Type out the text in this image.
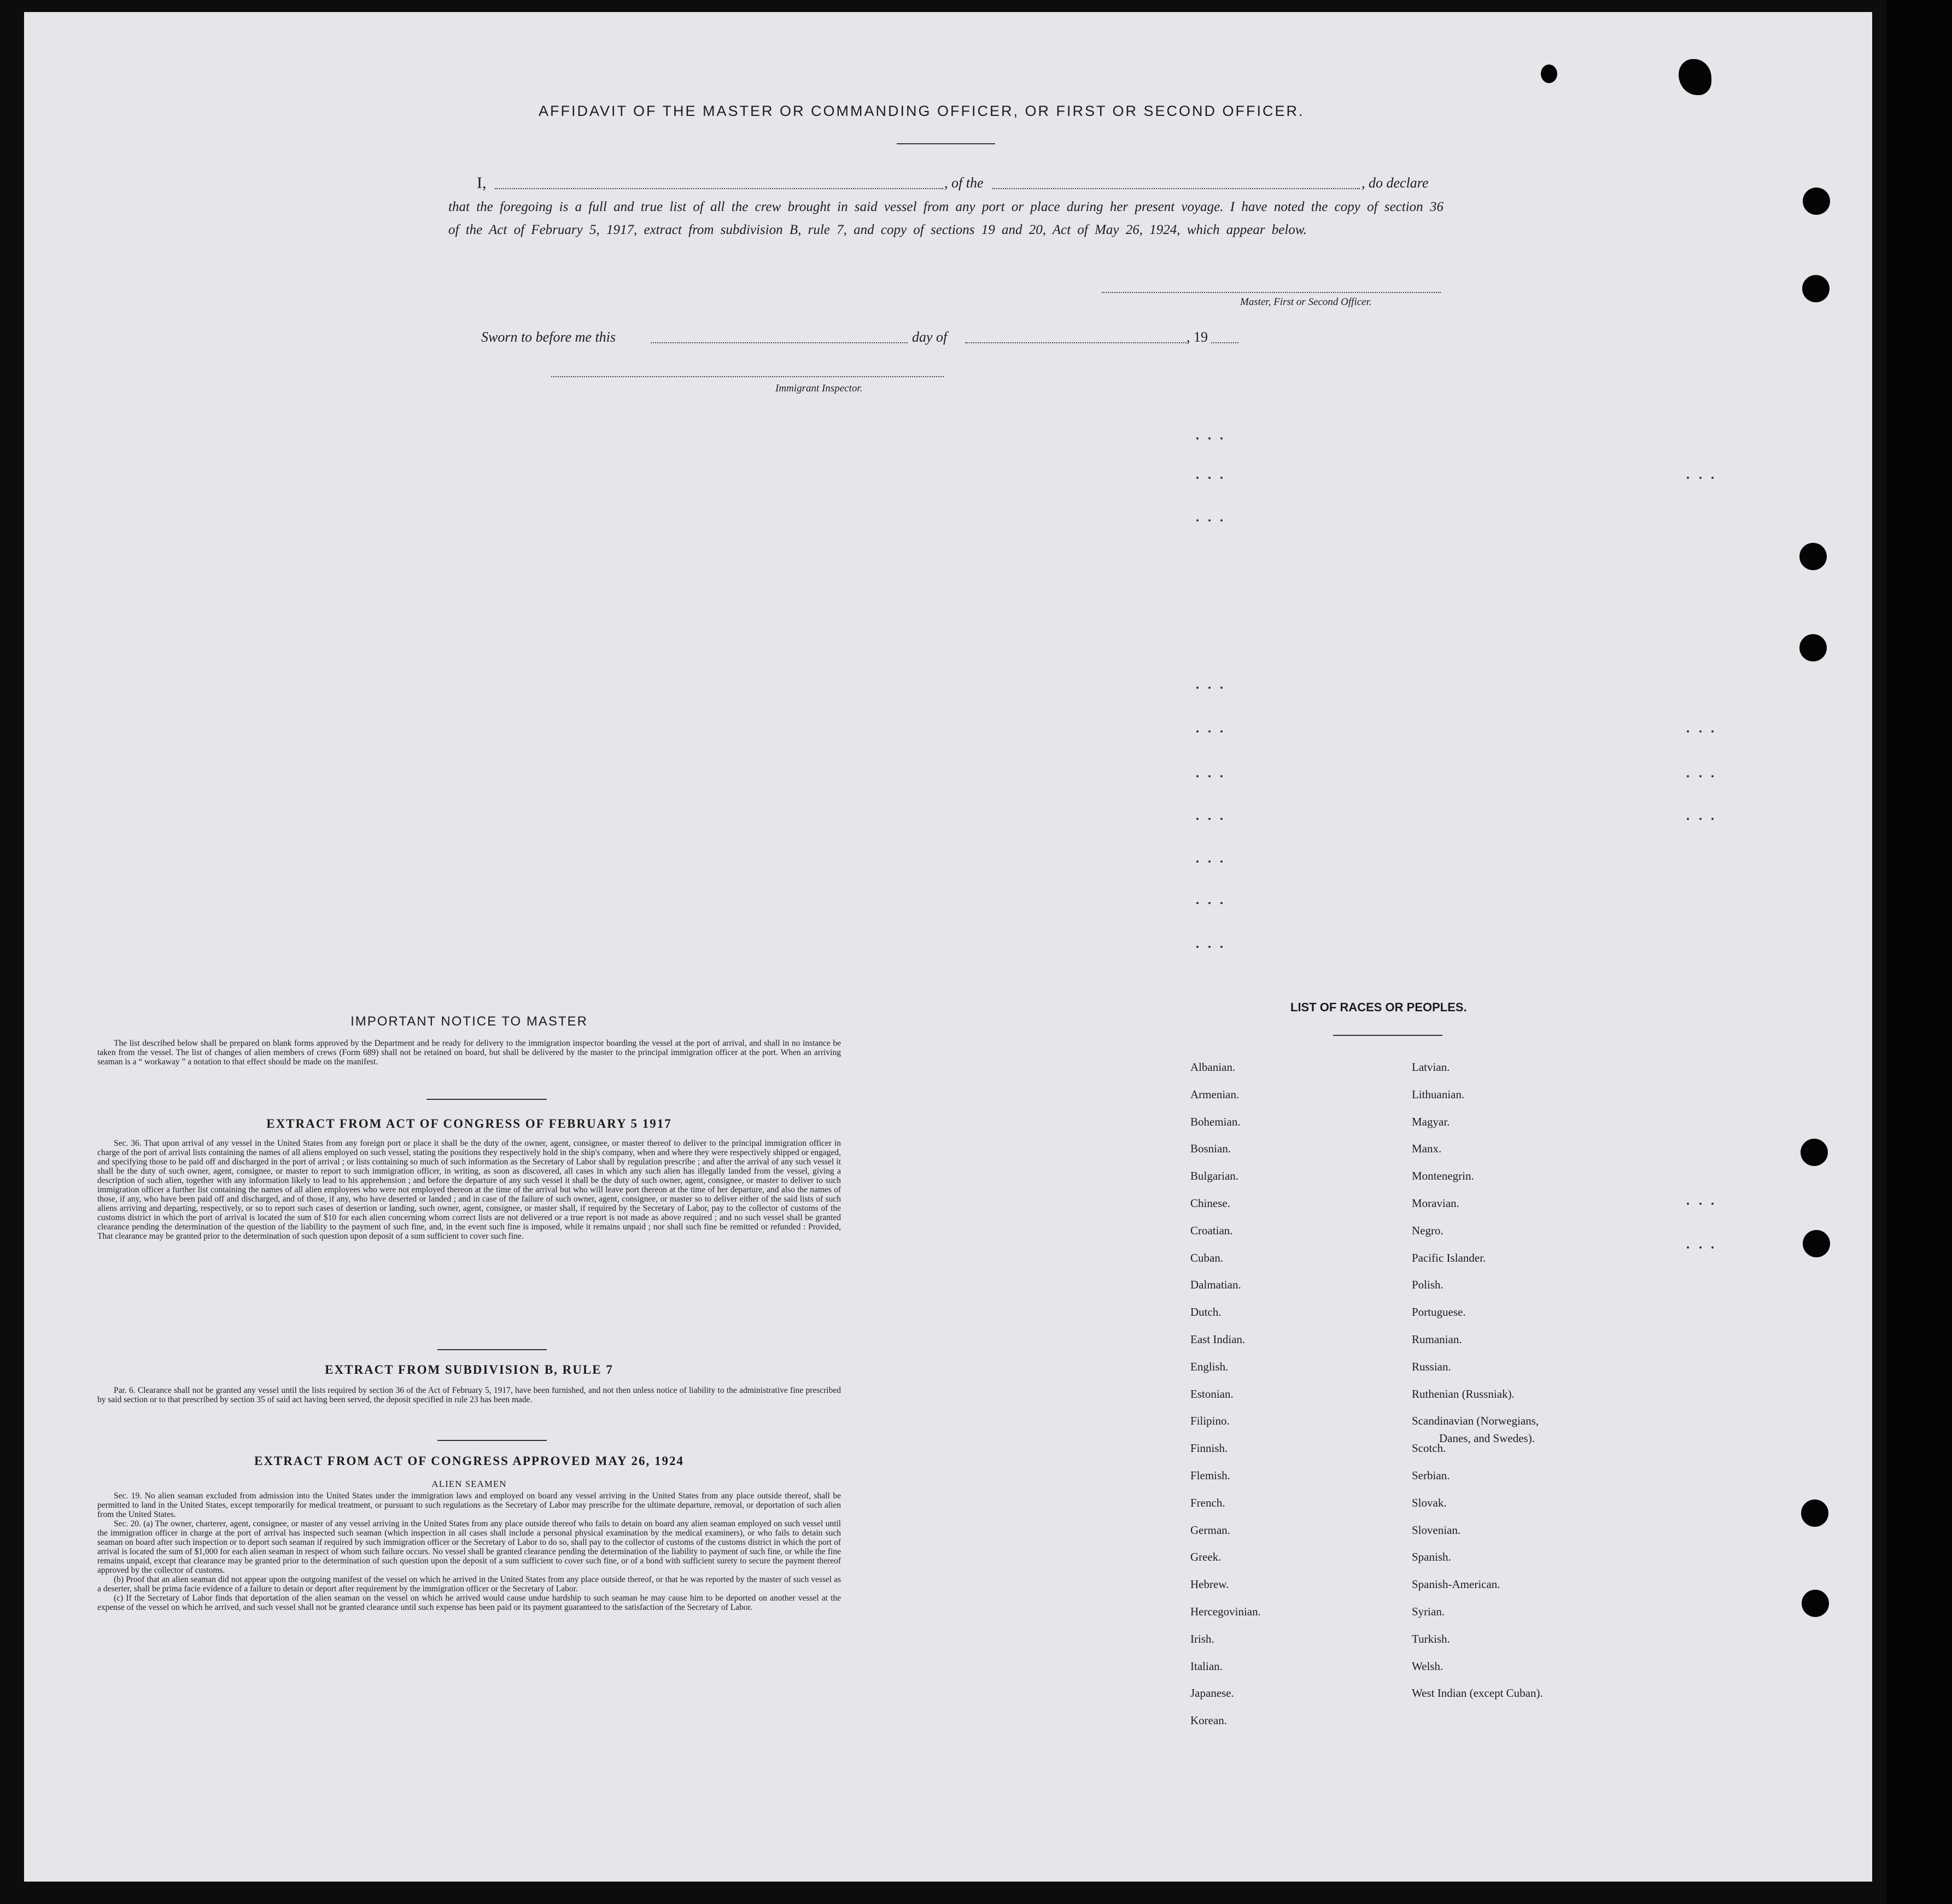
AFFIDAVIT OF THE MASTER OR COMMANDING OFFICER, OR FIRST OR SECOND OFFICER.
I,	, of the	, do declare
that the foregoing is a full and true list of all the crew brought in said vessel from any port or place during her present voyage. I have noted the copy of section 36 of the Act of February 5, 1917, extract from subdivision B, rule 7, and copy of sections 19 and 20, Act of May 26, 1924, which appear below.
Master, First or Second Officer.
Sworn to before me this	day of	, 19
Immigrant Inspector.
IMPORTANT NOTICE TO MASTER

The list described below shall be prepared on blank forms approved by the Department and be ready for delivery to the immigration inspector boarding the vessel at the port of arrival, and shall in no instance be taken from the vessel. The list of changes of alien members of crews (Form 689) shall not be retained on board, but shall be delivered by the master to the principal immigration officer at the port. When an arriving seaman is a “ workaway ” a notation to that effect should be made on the manifest.

EXTRACT FROM ACT OF CONGRESS OF FEBRUARY 5 1917

Sec. 36. That upon arrival of any vessel in the United States from any foreign port or place it shall be the duty of the owner, agent, consignee, or master thereof to deliver to the principal immigration officer in charge of the port of arrival lists containing the names of all aliens employed on such vessel, stating the positions they respectively hold in the ship's company, when and where they were respectively shipped or engaged, and specifying those to be paid off and discharged in the port of arrival ; or lists containing so much of such information as the Secretary of Labor shall by regulation prescribe ; and after the arrival of any such vessel it shall be the duty of such owner, agent, consignee, or master to report to such immigration officer, in writing, as soon as discovered, all cases in which any such alien has illegally landed from the vessel, giving a description of such alien, together with any information likely to lead to his apprehension ; and before the departure of any such vessel it shall be the duty of such owner, agent, consignee, or master to deliver to such immigration officer a further list containing the names of all alien employees who were not employed thereon at the time of the arrival but who will leave port thereon at the time of her departure, and also the names of those, if any, who have been paid off and discharged, and of those, if any, who have deserted or landed ; and in case of the failure of such owner, agent, consignee, or master so to deliver either of the said lists of such aliens arriving and departing, respectively, or so to report such cases of desertion or landing, such owner, agent, consignee, or master shall, if required by the Secretary of Labor, pay to the collector of customs of the customs district in which the port of arrival is located the sum of $10 for each alien concerning whom correct lists are not delivered or a true report is not made as above required ; and no such vessel shall be granted clearance pending the determination of the question of the liability to the payment of such fine, and, in the event such fine is imposed, while it remains unpaid ; nor shall such fine be remitted or refunded : Provided, That clearance may be granted prior to the determination of such question upon deposit of a sum sufficient to cover such fine.

EXTRACT FROM SUBDIVISION B, RULE 7

Par. 6. Clearance shall not be granted any vessel until the lists required by section 36 of the Act of February 5, 1917, have been furnished, and not then unless notice of liability to the administrative fine prescribed by said section or to that prescribed by section 35 of said act having been served, the deposit specified in rule 23 has been made.

EXTRACT FROM ACT OF CONGRESS APPROVED MAY 26, 1924
ALIEN SEAMEN

Sec. 19. No alien seaman excluded from admission into the United States under the immigration laws and employed on board any vessel arriving in the United States from any place outside thereof, shall be permitted to land in the United States, except temporarily for medical treatment, or pursuant to such regulations as the Secretary of Labor may prescribe for the ultimate departure, removal, or deportation of such alien from the United States.

Sec. 20. (a) The owner, charterer, agent, consignee, or master of any vessel arriving in the United States from any place outside thereof who fails to detain on board any alien seaman employed on such vessel until the immigration officer in charge at the port of arrival has inspected such seaman (which inspection in all cases shall include a personal physical examination by the medical examiners), or who fails to detain such seaman on board after such inspection or to deport such seaman if required by such immigration officer or the Secretary of Labor to do so, shall pay to the collector of customs of the customs district in which the port of arrival is located the sum of $1,000 for each alien seaman in respect of whom such failure occurs. No vessel shall be granted clearance pending the determination of the liability to payment of such fine, or while the fine remains unpaid, except that clearance may be granted prior to the determination of such question upon the deposit of a sum sufficient to cover such fine, or of a bond with sufficient surety to secure the payment thereof approved by the collector of customs.

(b) Proof that an alien seaman did not appear upon the outgoing manifest of the vessel on which he arrived in the United States from any place outside thereof, or that he was reported by the master of such vessel as a deserter, shall be prima facie evidence of a failure to detain or deport after requirement by the immigration officer or the Secretary of Labor.

(c) If the Secretary of Labor finds that deportation of the alien seaman on the vessel on which he arrived would cause undue hardship to such seaman he may cause him to be deported on another vessel at the expense of the vessel on which he arrived, and such vessel shall not be granted clearance until such expense has been paid or its payment guaranteed to the satisfaction of the Secretary of Labor.

LIST OF RACES OR PEOPLES.
Albanian.
Armenian.
Bohemian.
Bosnian.
Bulgarian.
Chinese.
Croatian.
Cuban.
Dalmatian.
Dutch.
East Indian.
English.
Estonian.
Filipino.
Finnish.
Flemish.
French.
German.
Greek.
Hebrew.
Hercegovinian.
Irish.
Italian.
Japanese.
Korean.
Latvian.
Lithuanian.
Magyar.
Manx.
Montenegrin.
Moravian.
Negro.
Pacific Islander.
Polish.
Portuguese.
Rumanian.
Russian.
Ruthenian (Russniak).
Scandinavian (Norwegians,
Danes, and Swedes).
Scotch.
Serbian.
Slovak.
Slovenian.
Spanish.
Spanish-American.
Syrian.
Turkish.
Welsh.
West Indian (except Cuban).
